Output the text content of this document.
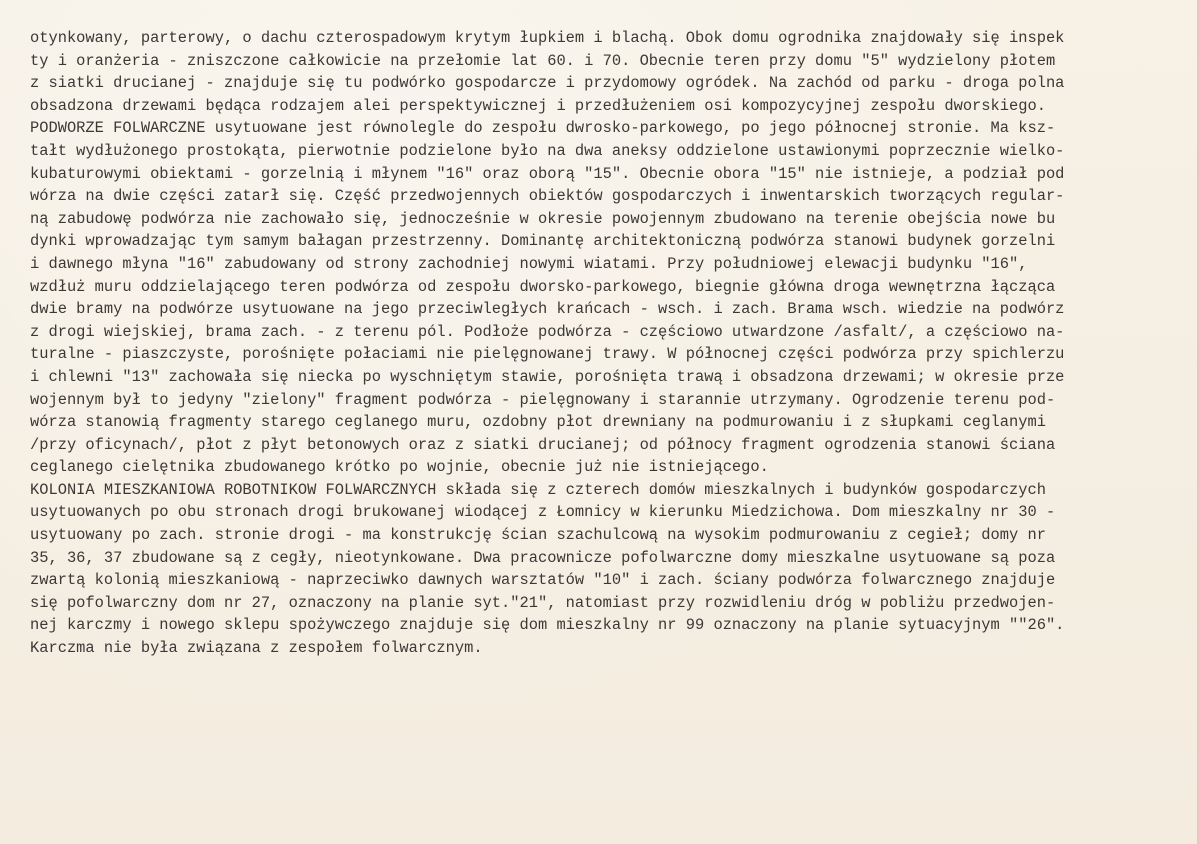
otynkowany, parterowy, o dachu czterospadowym krytym łupkiem i blachą. Obok domu ogrodnika znajdowały się inspek
ty i oranżeria - zniszczone całkowicie na przełomie lat 60. i 70. Obecnie teren przy domu "5" wydzielony płotem
z siatki drucianej - znajduje się tu podwórko gospodarcze i przydomowy ogródek. Na zachód od parku - droga polna
obsadzona drzewami będąca rodzajem alei perspektywicznej i przedłużeniem osi kompozycyjnej zespołu dworskiego.
PODWORZE FOLWARCZNE usytuowane jest równolegle do zespołu dwrosko-parkowego, po jego północnej stronie. Ma ksz-
tałt wydłużonego prostokąta, pierwotnie podzielone było na dwa aneksy oddzielone ustawionymi poprzecznie wielko-
kubaturowymi obiektami - gorzelnią i młynem "16" oraz oborą "15". Obecnie obora "15" nie istnieje, a podział pod
wórza na dwie części zatarł się. Część przedwojennych obiektów gospodarczych i inwentarskich tworzących regular-
ną zabudowę podwórza nie zachowało się, jednocześnie w okresie powojennym zbudowano na terenie obejścia nowe bu
dynki wprowadzając tym samym bałagan przestrzenny. Dominantę architektoniczną podwórza stanowi budynek gorzelni
i dawnego młyna "16" zabudowany od strony zachodniej nowymi wiatami. Przy południowej elewacji budynku "16",
wzdłuż muru oddzielającego teren podwórza od zespołu dworsko-parkowego, biegnie główna droga wewnętrzna łącząca
dwie bramy na podwórze usytuowane na jego przeciwległych krańcach - wsch. i zach. Brama wsch. wiedzie na podwórz
z drogi wiejskiej, brama zach. - z terenu pól. Podłoże podwórza - częściowo utwardzone /asfalt/, a częściowo na-
turalne - piaszczyste, porośnięte połaciami nie pielęgnowanej trawy. W północnej części podwórza przy spichlerzu
i chlewni "13" zachowała się niecka po wyschniętym stawie, porośnięta trawą i obsadzona drzewami; w okresie prze
wojennym był to jedyny "zielony" fragment podwórza - pielęgnowany i starannie utrzymany. Ogrodzenie terenu pod-
wórza stanowią fragmenty starego ceglanego muru, ozdobny płot drewniany na podmurowaniu i z słupkami ceglanymi
/przy oficynach/, płot z płyt betonowych oraz z siatki drucianej; od północy fragment ogrodzenia stanowi ściana
ceglanego cielętnika zbudowanego krótko po wojnie, obecnie już nie istniejącego.
KOLONIA MIESZKANIOWA ROBOTNIKOW FOLWARCZNYCH składa się z czterech domów mieszkalnych i budynków gospodarczych
usytuowanych po obu stronach drogi brukowanej wiodącej z Łomnicy w kierunku Miedzichowa. Dom mieszkalny nr 30 -
usytuowany po zach. stronie drogi - ma konstrukcję ścian szachulcową na wysokim podmurowaniu z cegieł; domy nr
35, 36, 37 zbudowane są z cegły, nieotynkowane. Dwa pracownicze pofolwarczne domy mieszkalne usytuowane są poza
zwartą kolonią mieszkaniową - naprzeciwko dawnych warsztatów "10" i zach. ściany podwórza folwarcznego znajduje
się pofolwarczny dom nr 27, oznaczony na planie syt."21", natomiast przy rozwidleniu dróg w pobliżu przedwojen-
nej karczmy i nowego sklepu spożywczego znajduje się dom mieszkalny nr 99 oznaczony na planie sytuacyjnym ""26".
Karczma nie była związana z zespołem folwarcznym.
